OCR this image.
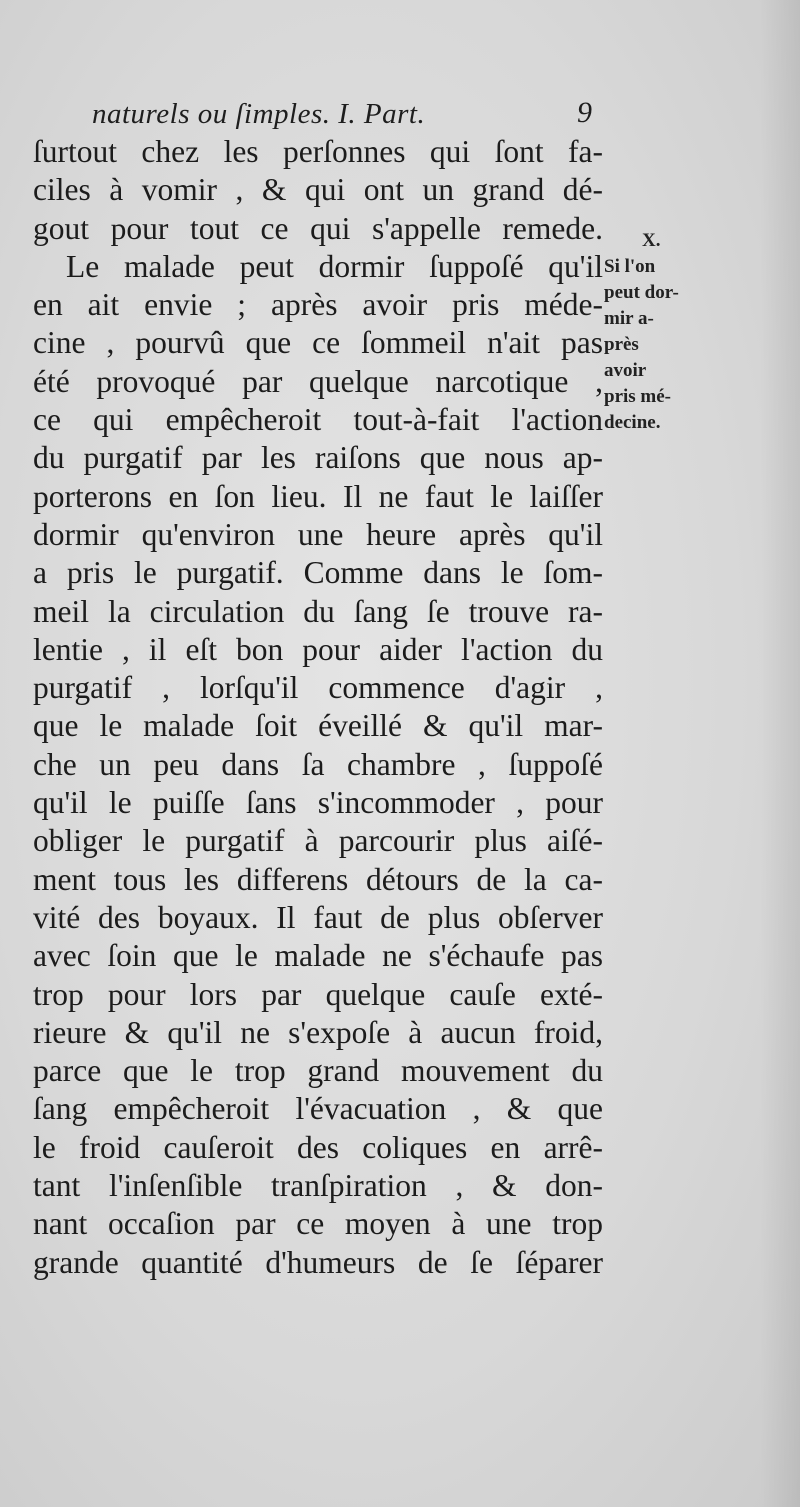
naturels ou ſimples. I. Part.	9
ſurtout chez les perſonnes qui ſont fa-
ciles à vomir , & qui ont un grand dé-
gout pour tout ce qui s'appelle remede.
Le malade peut dormir ſuppoſé qu'il
en ait envie ; après avoir pris méde-
cine , pourvû que ce ſommeil n'ait pas
été provoqué par quelque narcotique ,
ce qui empêcheroit tout-à-fait l'action
du purgatif par les raiſons que nous ap-
porterons en ſon lieu. Il ne faut le laiſſer
dormir qu'environ une heure après qu'il
a pris le purgatif. Comme dans le ſom-
meil la circulation du ſang ſe trouve ra-
lentie , il eſt bon pour aider l'action du
purgatif , lorſqu'il commence d'agir ,
que le malade ſoit éveillé & qu'il mar-
che un peu dans ſa chambre , ſuppoſé
qu'il le puiſſe ſans s'incommoder , pour
obliger le purgatif à parcourir plus aiſé-
ment tous les differens détours de la ca-
vité des boyaux. Il faut de plus obſerver
avec ſoin que le malade ne s'échaufe pas
trop pour lors par quelque cauſe exté-
rieure & qu'il ne s'expoſe à aucun froid,
parce que le trop grand mouvement du
ſang empêcheroit l'évacuation , & que
le froid cauſeroit des coliques en arrê-
tant l'inſenſible tranſpiration , & don-
nant occaſion par ce moyen à une trop
grande quantité d'humeurs de ſe ſéparer
X.
Si l'on
peut dor-
mir a-
près
avoir
pris mé-
decine.
